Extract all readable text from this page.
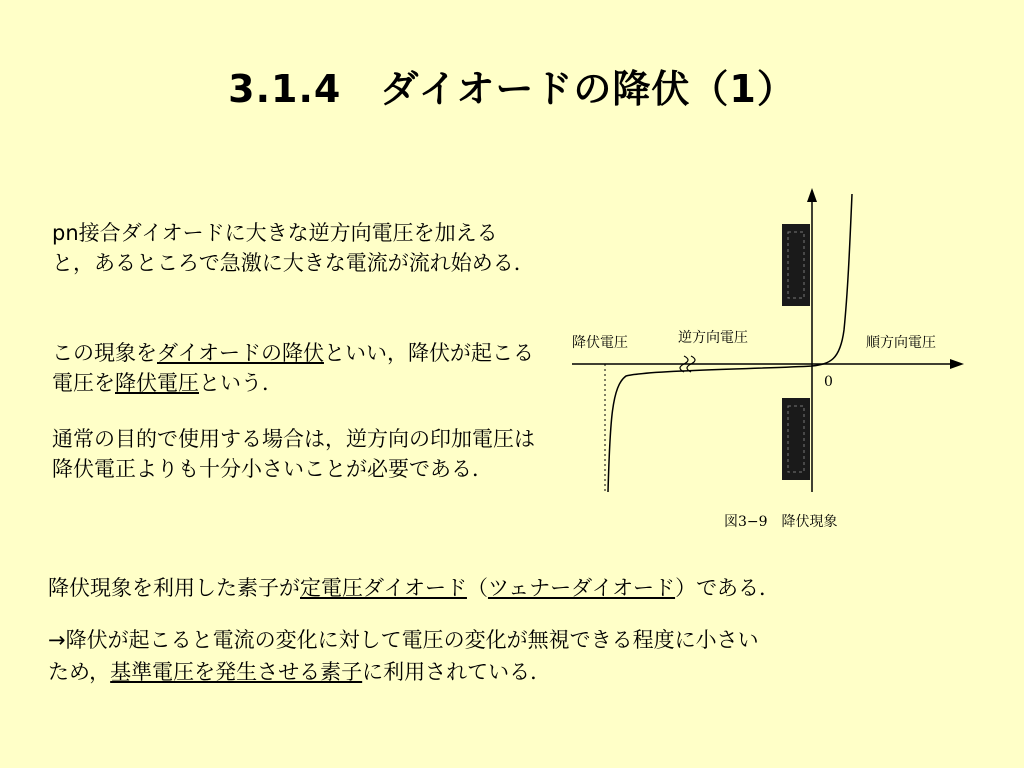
3.1.4　ダイオードの降伏（1）
pn接合ダイオードに大きな逆方向電圧を加えると，あるところで急激に大きな電流が流れ始める．
この現象をダイオードの降伏といい，降伏が起こる電圧を降伏電圧という．
通常の目的で使用する場合は，逆方向の印加電圧は降伏電正よりも十分小さいことが必要である．
降伏電圧	逆方向電圧	順方向電圧
0
図3−9　降伏現象
降伏現象を利用した素子が定電圧ダイオード（ツェナーダイオード）である．
→降伏が起こると電流の変化に対して電圧の変化が無視できる程度に小さい
ため，基準電圧を発生させる素子に利用されている．
